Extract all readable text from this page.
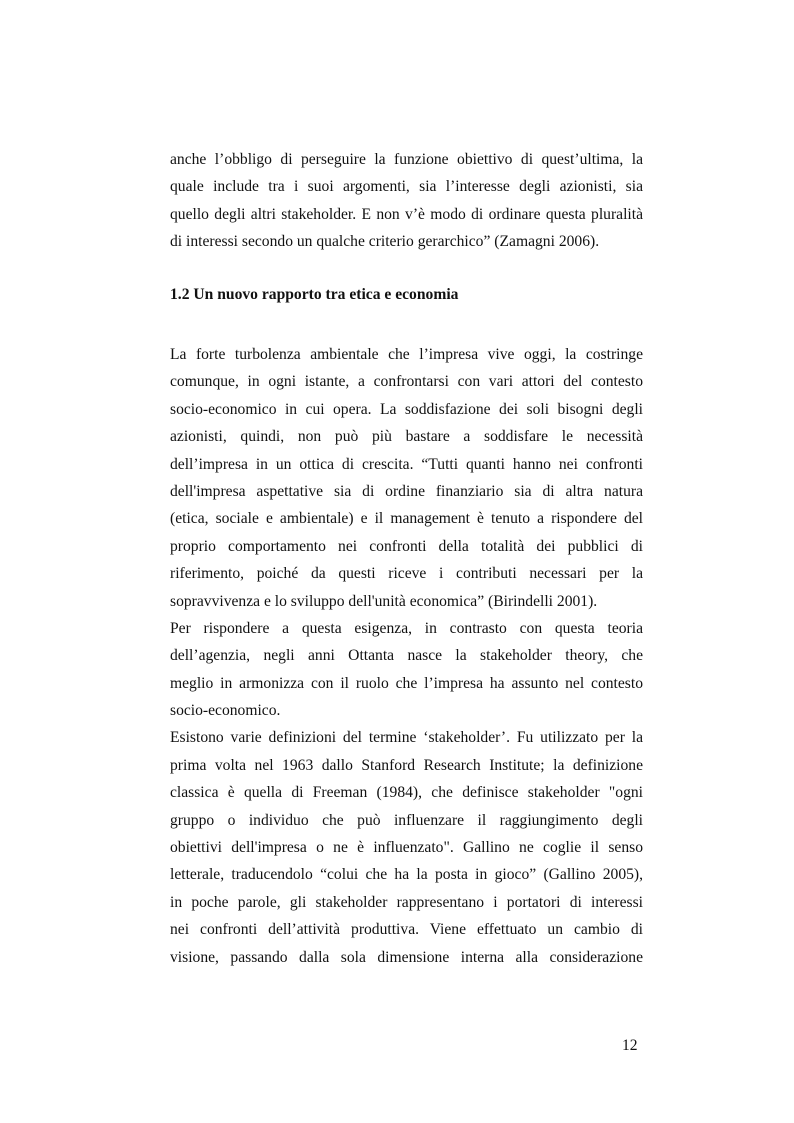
anche l’obbligo di perseguire la funzione obiettivo di quest’ultima, la
quale include tra i suoi argomenti, sia l’interesse degli azionisti, sia
quello degli altri stakeholder. E non v’è modo di ordinare questa pluralità
di interessi secondo un qualche criterio gerarchico” (Zamagni 2006).

1.2 Un nuovo rapporto tra etica e economia

La forte turbolenza ambientale che l’impresa vive oggi, la costringe
comunque, in ogni istante, a confrontarsi con vari attori del contesto
socio-economico in cui opera. La soddisfazione dei soli bisogni degli
azionisti, quindi, non può più bastare a soddisfare le necessità
dell’impresa in un ottica di crescita. “Tutti quanti hanno nei confronti
dell'impresa aspettative sia di ordine finanziario sia di altra natura
(etica, sociale e ambientale) e il management è tenuto a rispondere del
proprio comportamento nei confronti della totalità dei pubblici di
riferimento, poiché da questi riceve i contributi necessari per la
sopravvivenza e lo sviluppo dell'unità economica” (Birindelli 2001).

Per rispondere a questa esigenza, in contrasto con questa teoria
dell’agenzia, negli anni Ottanta nasce la stakeholder theory, che
meglio in armonizza con il ruolo che l’impresa ha assunto nel contesto
socio-economico.

Esistono varie definizioni del termine ‘stakeholder’. Fu utilizzato per la
prima volta nel 1963 dallo Stanford Research Institute; la definizione
classica è quella di Freeman (1984), che definisce stakeholder "ogni
gruppo o individuo che può influenzare il raggiungimento degli
obiettivi dell'impresa o ne è influenzato". Gallino ne coglie il senso
letterale, traducendolo “colui che ha la posta in gioco” (Gallino 2005),
in poche parole, gli stakeholder rappresentano i portatori di interessi
nei confronti dell’attività produttiva. Viene effettuato un cambio di
visione, passando dalla sola dimensione interna alla considerazione

12
